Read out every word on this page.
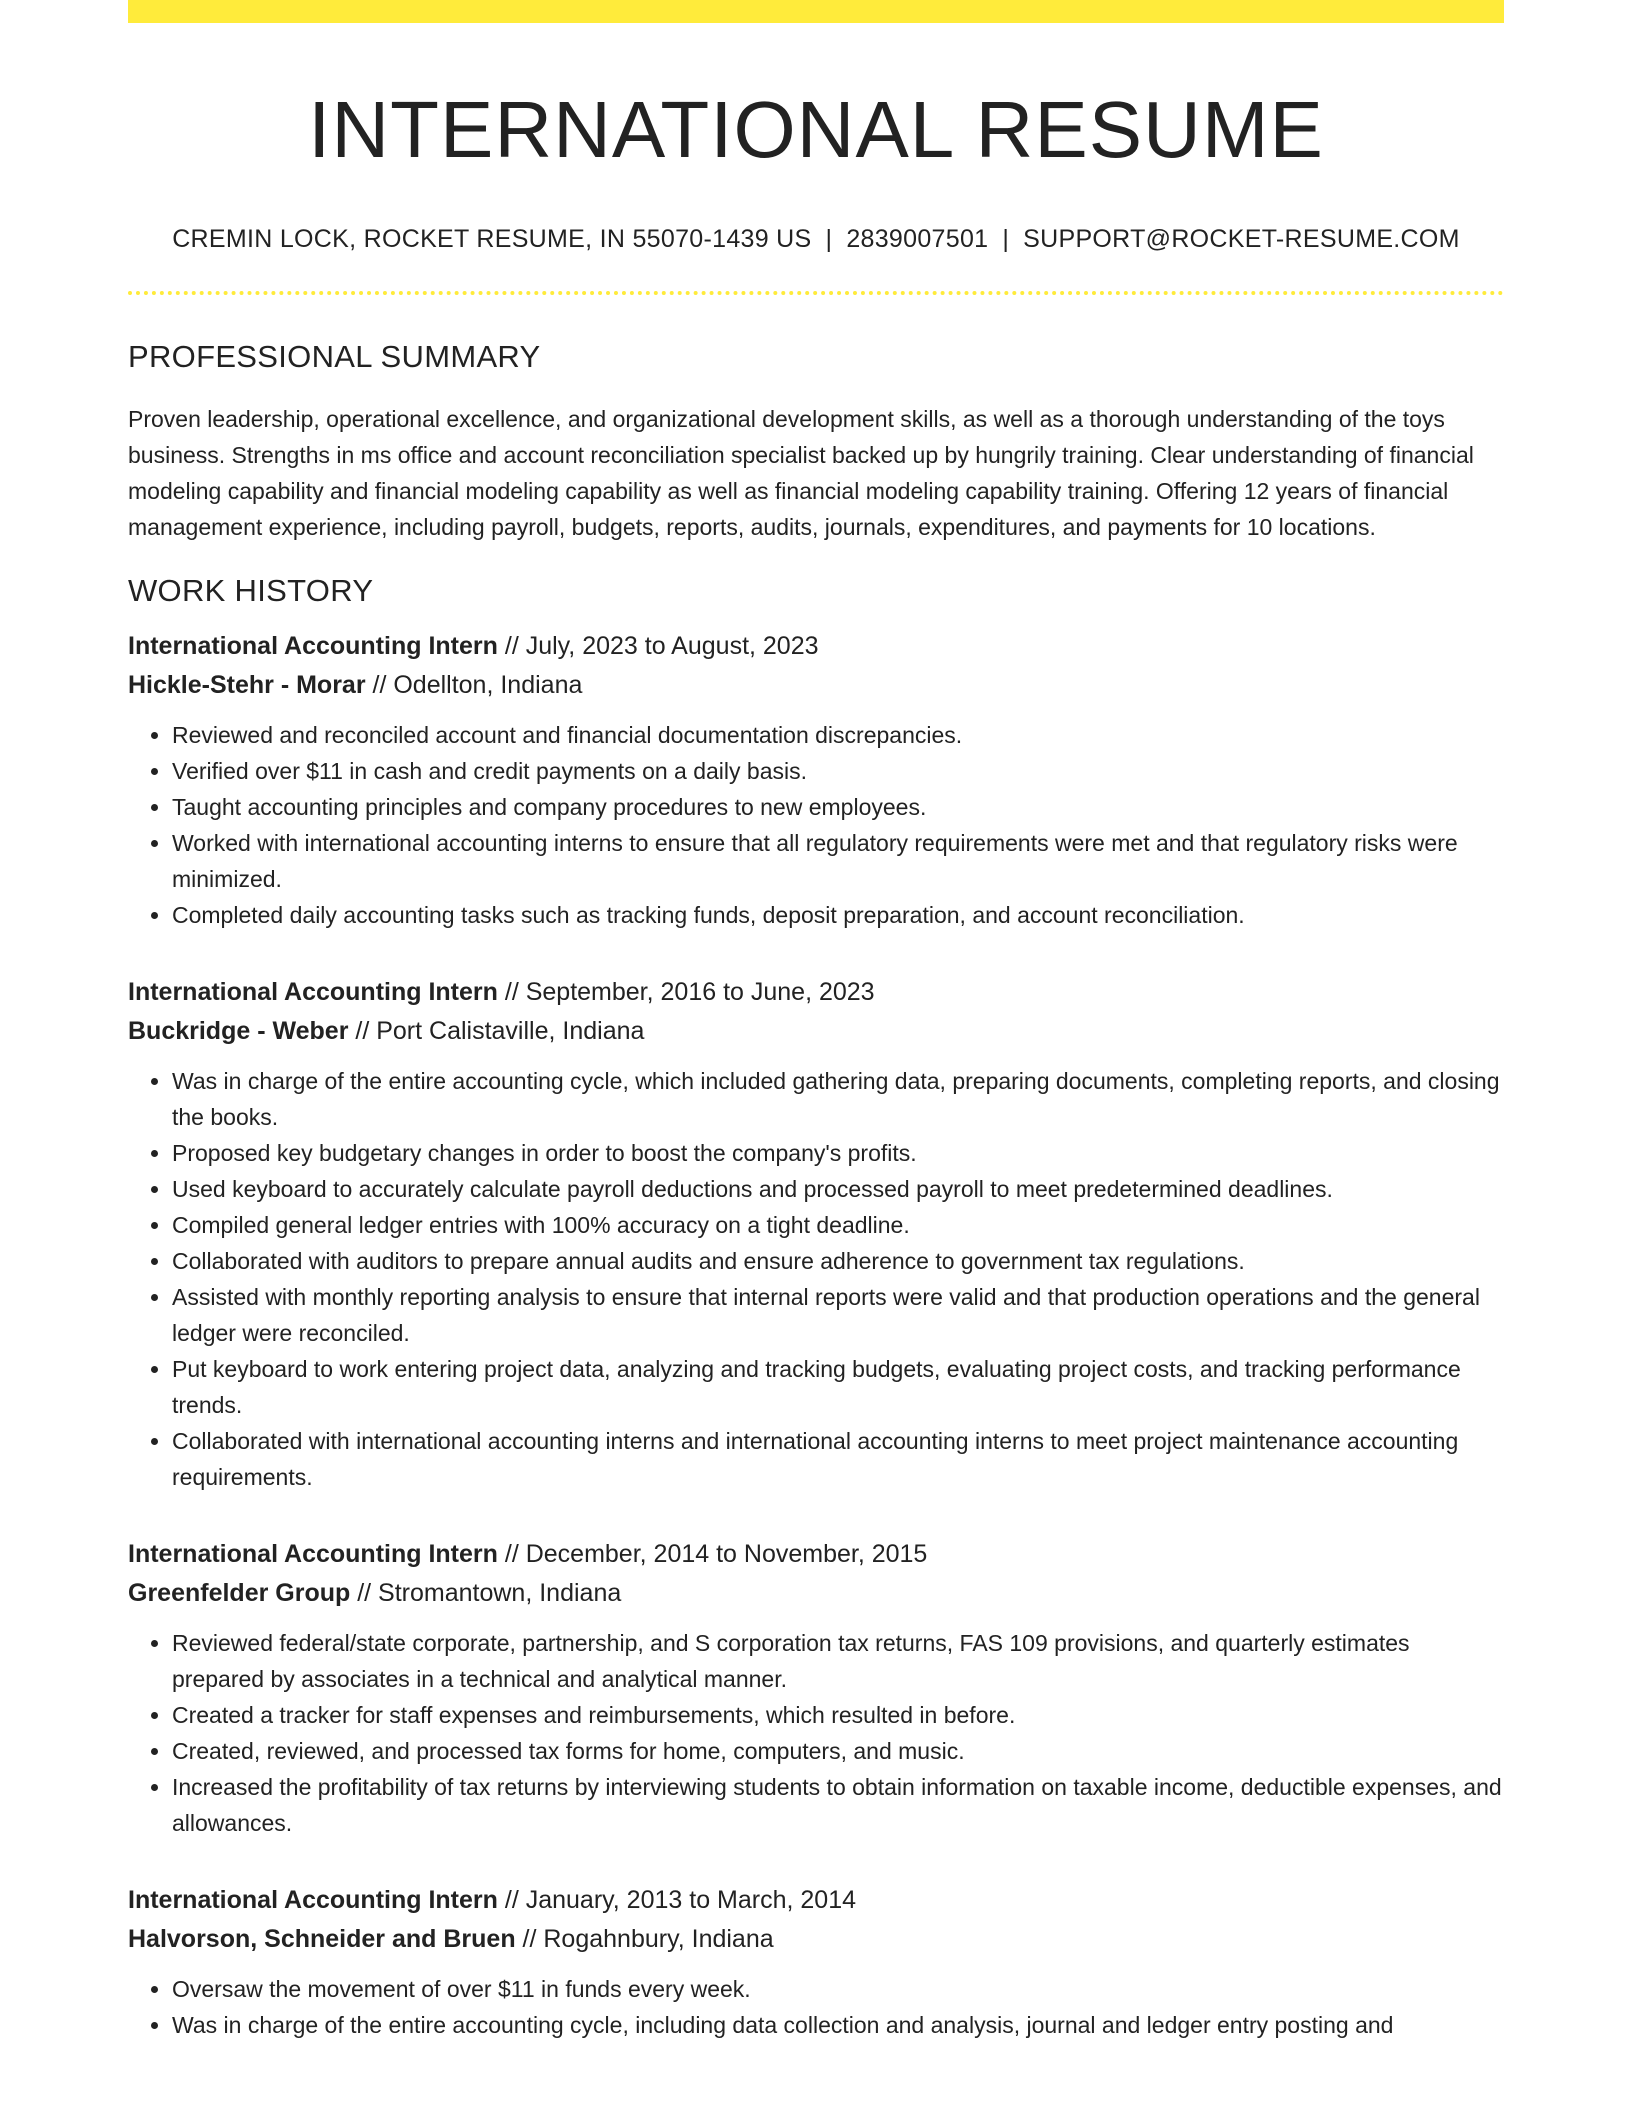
INTERNATIONAL RESUME
CREMIN LOCK, ROCKET RESUME, IN 55070-1439 US | 2839007501 | SUPPORT@ROCKET-RESUME.COM
PROFESSIONAL SUMMARY

Proven leadership, operational excellence, and organizational development skills, as well as a thorough understanding of the toys business. Strengths in ms office and account reconciliation specialist backed up by hungrily training. Clear understanding of financial modeling capability and financial modeling capability as well as financial modeling capability training. Offering 12 years of financial management experience, including payroll, budgets, reports, audits, journals, expenditures, and payments for 10 locations.

WORK HISTORY
International Accounting Intern // July, 2023 to August, 2023
Hickle-Stehr - Morar // Odellton, Indiana
• Reviewed and reconciled account and financial documentation discrepancies.
• Verified over $11 in cash and credit payments on a daily basis.
• Taught accounting principles and company procedures to new employees.
• Worked with international accounting interns to ensure that all regulatory requirements were met and that regulatory risks were minimized.
• Completed daily accounting tasks such as tracking funds, deposit preparation, and account reconciliation.
International Accounting Intern // September, 2016 to June, 2023
Buckridge - Weber // Port Calistaville, Indiana
• Was in charge of the entire accounting cycle, which included gathering data, preparing documents, completing reports, and closing the books.
• Proposed key budgetary changes in order to boost the company's profits.
• Used keyboard to accurately calculate payroll deductions and processed payroll to meet predetermined deadlines.
• Compiled general ledger entries with 100% accuracy on a tight deadline.
• Collaborated with auditors to prepare annual audits and ensure adherence to government tax regulations.
• Assisted with monthly reporting analysis to ensure that internal reports were valid and that production operations and the general ledger were reconciled.
• Put keyboard to work entering project data, analyzing and tracking budgets, evaluating project costs, and tracking performance trends.
• Collaborated with international accounting interns and international accounting interns to meet project maintenance accounting requirements.
International Accounting Intern // December, 2014 to November, 2015
Greenfelder Group // Stromantown, Indiana
• Reviewed federal/state corporate, partnership, and S corporation tax returns, FAS 109 provisions, and quarterly estimates prepared by associates in a technical and analytical manner.
• Created a tracker for staff expenses and reimbursements, which resulted in before.
• Created, reviewed, and processed tax forms for home, computers, and music.
• Increased the profitability of tax returns by interviewing students to obtain information on taxable income, deductible expenses, and allowances.
International Accounting Intern // January, 2013 to March, 2014
Halvorson, Schneider and Bruen // Rogahnbury, Indiana
• Oversaw the movement of over $11 in funds every week.
• Was in charge of the entire accounting cycle, including data collection and analysis, journal and ledger entry posting and
